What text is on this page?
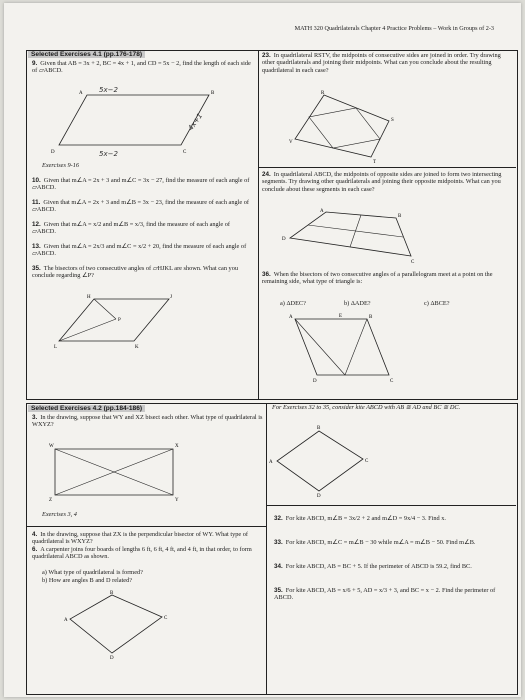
MATH 320 Quadrilaterals Chapter 4 Practice Problems – Work in Groups of 2-3
Selected Exercises 4.1 (pp.176-178)
9. Given that AB = 3x + 2, BC = 4x + 1, and CD = 5x − 2, find the length of each side of ▱ABCD.
A	B
C
D
5x−2
4x+1
5x−2
Exercises 9-16
10. Given that m∠A = 2x + 3 and m∠C = 3x − 27, find the measure of each angle of ▱ABCD.
11. Given that m∠A = 2x + 3 and m∠B = 3x − 23, find the measure of each angle of ▱ABCD.
12. Given that m∠A = x/2 and m∠B = x/3, find the measure of each angle of ▱ABCD.
13. Given that m∠A = 2x/3 and m∠C = x/2 + 20, find the measure of each angle of ▱ABCD.
35. The bisectors of two consecutive angles of ▱HJKL are shown. What can you conclude regarding ∠P?
H	J
K
L
P
23. In quadrilateral RSTV, the midpoints of consecutive sides are joined in order. Try drawing other quadrilaterals and joining their midpoints. What can you conclude about the resulting quadrilateral in each case?
R
S
T
V
24. In quadrilateral ABCD, the midpoints of opposite sides are joined to form two intersecting segments. Try drawing other quadrilaterals and joining their opposite midpoints. What can you conclude about these segments in each case?
A
B
C
D
36. When the bisectors of two consecutive angles of a parallelogram meet at a point on the remaining side, what type of triangle is:
a) ΔDEC?	b) ΔADE?	c) ΔBCE?
A	B
C
D
E
Selected Exercises 4.2 (pp.184-186)
3. In the drawing, suppose that WY and XZ bisect each other. What type of quadrilateral is WXYZ?
W	X
Y
Z
Exercises 3, 4
4. In the drawing, suppose that ZX is the perpendicular bisector of WY. What type of quadrilateral is WXYZ?
6. A carpenter joins four boards of lengths 6 ft, 6 ft, 4 ft, and 4 ft, in that order, to form quadrilateral ABCD as shown.
a) What type of quadrilateral is formed?
b) How are angles B and D related?
B
C
D
A
For Exercises 32 to 35, consider kite ABCD with AB ≅ AD and BC ≅ DC.
B
C
D
A
32. For kite ABCD, m∠B = 3x/2 + 2 and m∠D = 9x/4 − 3. Find x.
33. For kite ABCD, m∠C = m∠B − 30 while m∠A = m∠B − 50. Find m∠B.
34. For kite ABCD, AB = BC + 5. If the perimeter of ABCD is 59.2, find BC.
35. For kite ABCD, AB = x/6 + 5, AD = x/3 + 3, and BC = x − 2. Find the perimeter of ABCD.
